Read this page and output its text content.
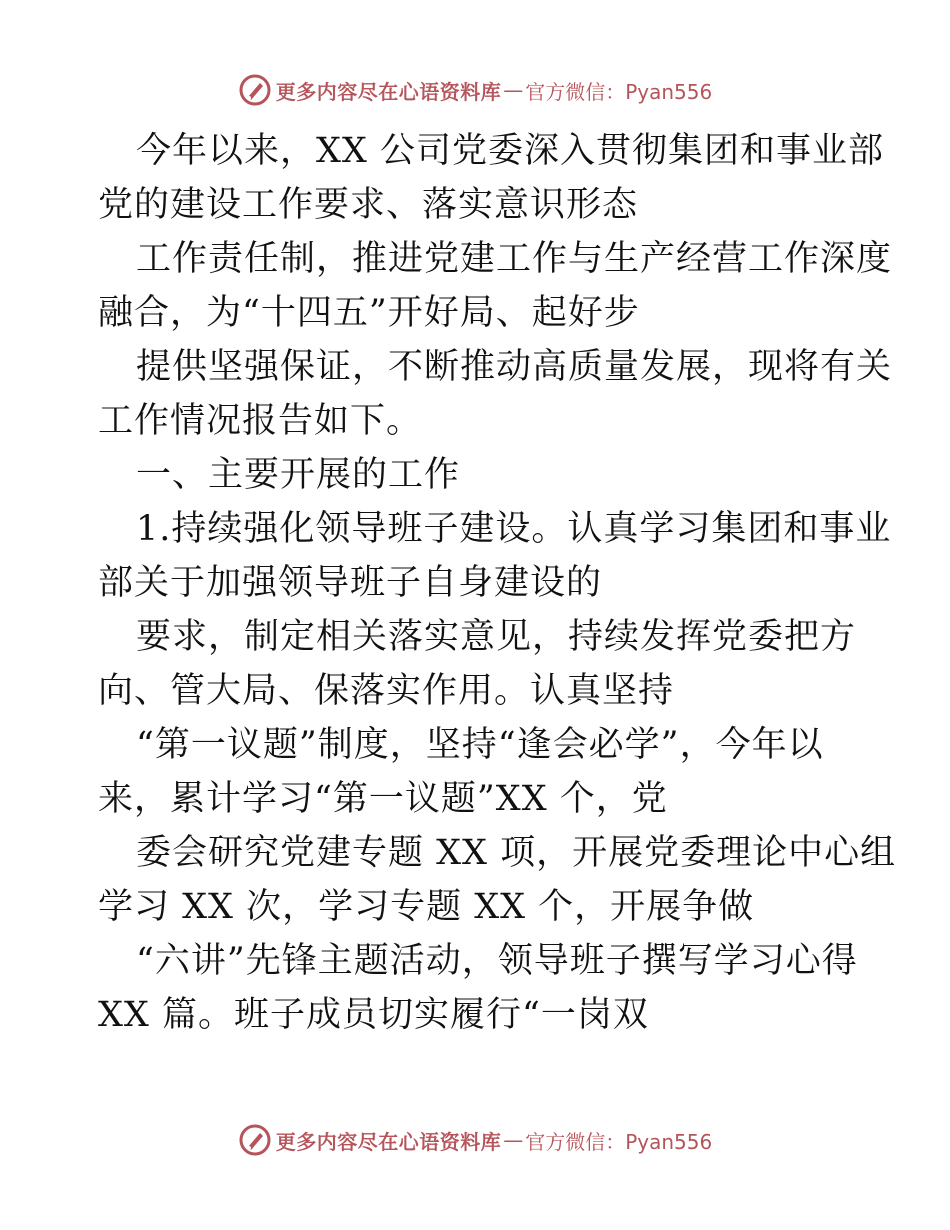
更多内容尽在心语资料库 — 官方微信：Pyan556
今年以来，XX 公司党委深入贯彻集团和事业部
党的建设工作要求、落实意识形态
工作责任制，推进党建工作与生产经营工作深度
融合，为“十四五”开好局、起好步
提供坚强保证，不断推动高质量发展，现将有关
工作情况报告如下。
一、主要开展的工作
1.持续强化领导班子建设。认真学习集团和事业
部关于加强领导班子自身建设的
要求，制定相关落实意见，持续发挥党委把方
向、管大局、保落实作用。认真坚持
“第一议题”制度，坚持“逢会必学”，今年以
来，累计学习“第一议题”XX 个，党
委会研究党建专题 XX 项，开展党委理论中心组
学习 XX 次，学习专题 XX 个，开展争做
“六讲”先锋主题活动，领导班子撰写学习心得
XX 篇。班子成员切实履行“一岗双
更多内容尽在心语资料库 — 官方微信：Pyan556
